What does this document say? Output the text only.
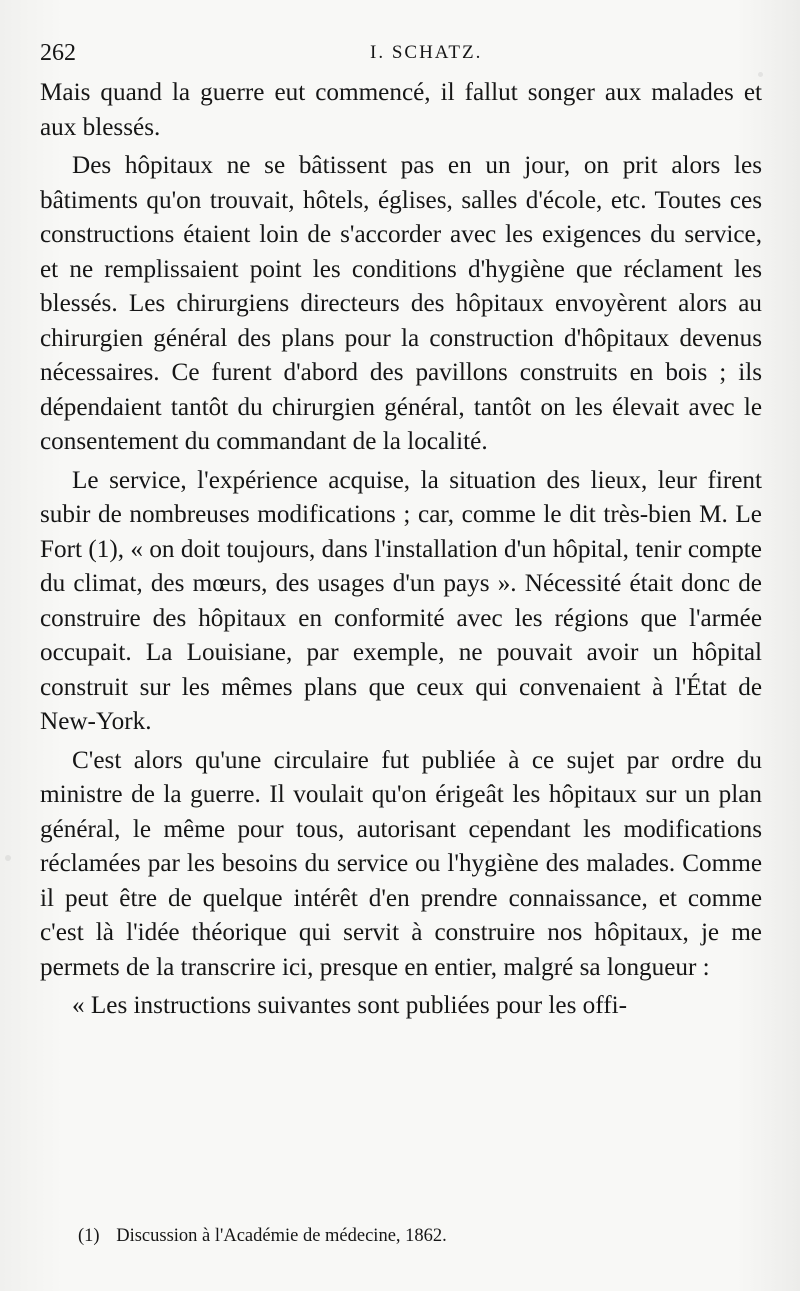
262	I. SCHATZ.

Mais quand la guerre eut commencé, il fallut songer aux malades et aux blessés.

Des hôpitaux ne se bâtissent pas en un jour, on prit alors les bâtiments qu'on trouvait, hôtels, églises, salles d'école, etc. Toutes ces constructions étaient loin de s'accorder avec les exigences du service, et ne remplissaient point les conditions d'hygiène que réclament les blessés. Les chirurgiens directeurs des hôpitaux envoyèrent alors au chirurgien général des plans pour la construction d'hôpitaux devenus nécessaires. Ce furent d'abord des pavillons construits en bois ; ils dépendaient tantôt du chirurgien général, tantôt on les élevait avec le consentement du commandant de la localité.

Le service, l'expérience acquise, la situation des lieux, leur firent subir de nombreuses modifications ; car, comme le dit très-bien M. Le Fort (1), « on doit toujours, dans l'installation d'un hôpital, tenir compte du climat, des mœurs, des usages d'un pays ». Nécessité était donc de construire des hôpitaux en conformité avec les régions que l'armée occupait. La Louisiane, par exemple, ne pouvait avoir un hôpital construit sur les mêmes plans que ceux qui convenaient à l'État de New-York.

C'est alors qu'une circulaire fut publiée à ce sujet par ordre du ministre de la guerre. Il voulait qu'on érigeât les hôpitaux sur un plan général, le même pour tous, autorisant cependant les modifications réclamées par les besoins du service ou l'hygiène des malades. Comme il peut être de quelque intérêt d'en prendre connaissance, et comme c'est là l'idée théorique qui servit à construire nos hôpitaux, je me permets de la transcrire ici, presque en entier, malgré sa longueur :

« Les instructions suivantes sont publiées pour les offi-

(1) Discussion à l'Académie de médecine, 1862.
